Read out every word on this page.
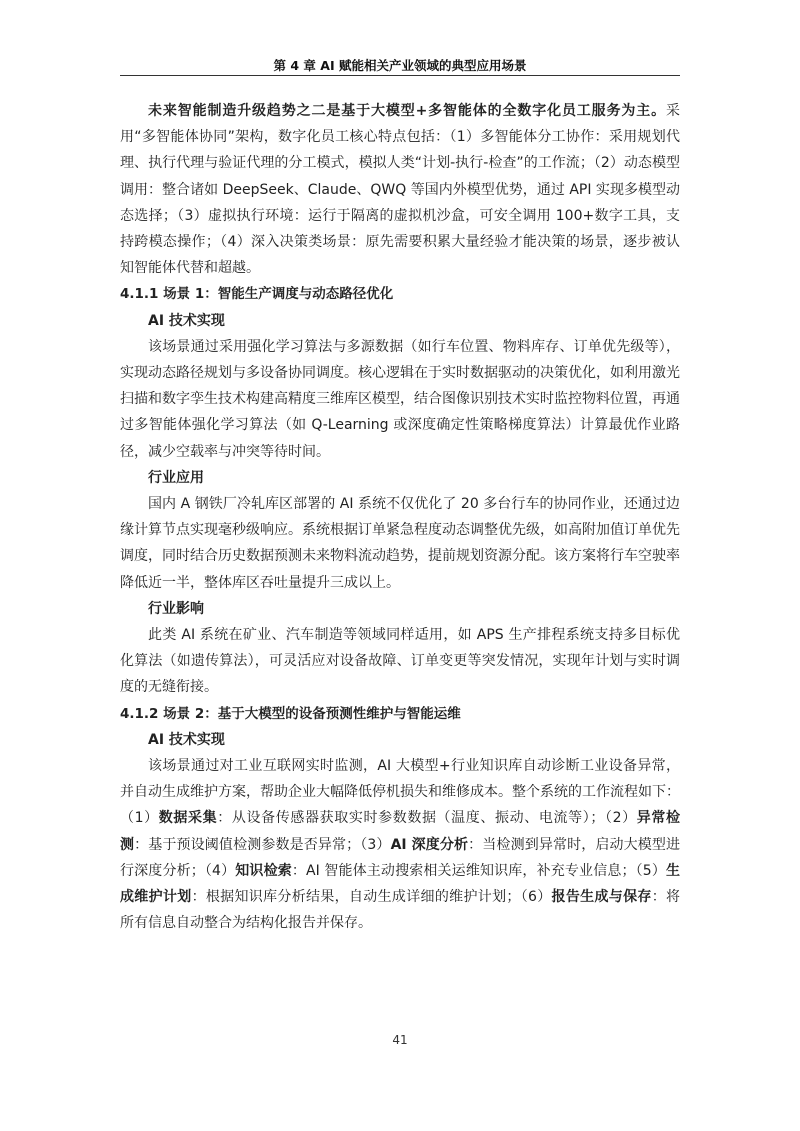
第 4 章 AI 赋能相关产业领域的典型应用场景

未来智能制造升级趋势之二是基于大模型+多智能体的全数字化员工服务为主。采用“多智能体协同”架构，数字化员工核心特点包括：（1）多智能体分工协作：采用规划代理、执行代理与验证代理的分工模式，模拟人类“计划-执行-检查”的工作流；（2）动态模型调用：整合诸如 DeepSeek、Claude、QWQ 等国内外模型优势，通过 API 实现多模型动态选择；（3）虚拟执行环境：运行于隔离的虚拟机沙盒，可安全调用 100+数字工具，支持跨模态操作；（4）深入决策类场景：原先需要积累大量经验才能决策的场景，逐步被认知智能体代替和超越。

4.1.1 场景 1：智能生产调度与动态路径优化
AI 技术实现

该场景通过采用强化学习算法与多源数据（如行车位置、物料库存、订单优先级等），实现动态路径规划与多设备协同调度。核心逻辑在于实时数据驱动的决策优化，如利用激光扫描和数字孪生技术构建高精度三维库区模型，结合图像识别技术实时监控物料位置，再通过多智能体强化学习算法（如 Q-Learning 或深度确定性策略梯度算法）计算最优作业路径，减少空载率与冲突等待时间。

行业应用

国内 A 钢铁厂冷轧库区部署的 AI 系统不仅优化了 20 多台行车的协同作业，还通过边缘计算节点实现毫秒级响应。系统根据订单紧急程度动态调整优先级，如高附加值订单优先调度，同时结合历史数据预测未来物料流动趋势，提前规划资源分配。该方案将行车空驶率降低近一半，整体库区吞吐量提升三成以上。

行业影响

此类 AI 系统在矿业、汽车制造等领域同样适用，如 APS 生产排程系统支持多目标优化算法（如遗传算法），可灵活应对设备故障、订单变更等突发情况，实现年计划与实时调度的无缝衔接。

4.1.2 场景 2：基于大模型的设备预测性维护与智能运维
AI 技术实现

该场景通过对工业互联网实时监测，AI 大模型+行业知识库自动诊断工业设备异常，并自动生成维护方案，帮助企业大幅降低停机损失和维修成本。整个系统的工作流程如下：（1）数据采集：从设备传感器获取实时参数数据（温度、振动、电流等）；（2）异常检测：基于预设阈值检测参数是否异常；（3）AI 深度分析：当检测到异常时，启动大模型进行深度分析；（4）知识检索：AI 智能体主动搜索相关运维知识库，补充专业信息；（5）生成维护计划：根据知识库分析结果，自动生成详细的维护计划；（6）报告生成与保存：将所有信息自动整合为结构化报告并保存。

41
